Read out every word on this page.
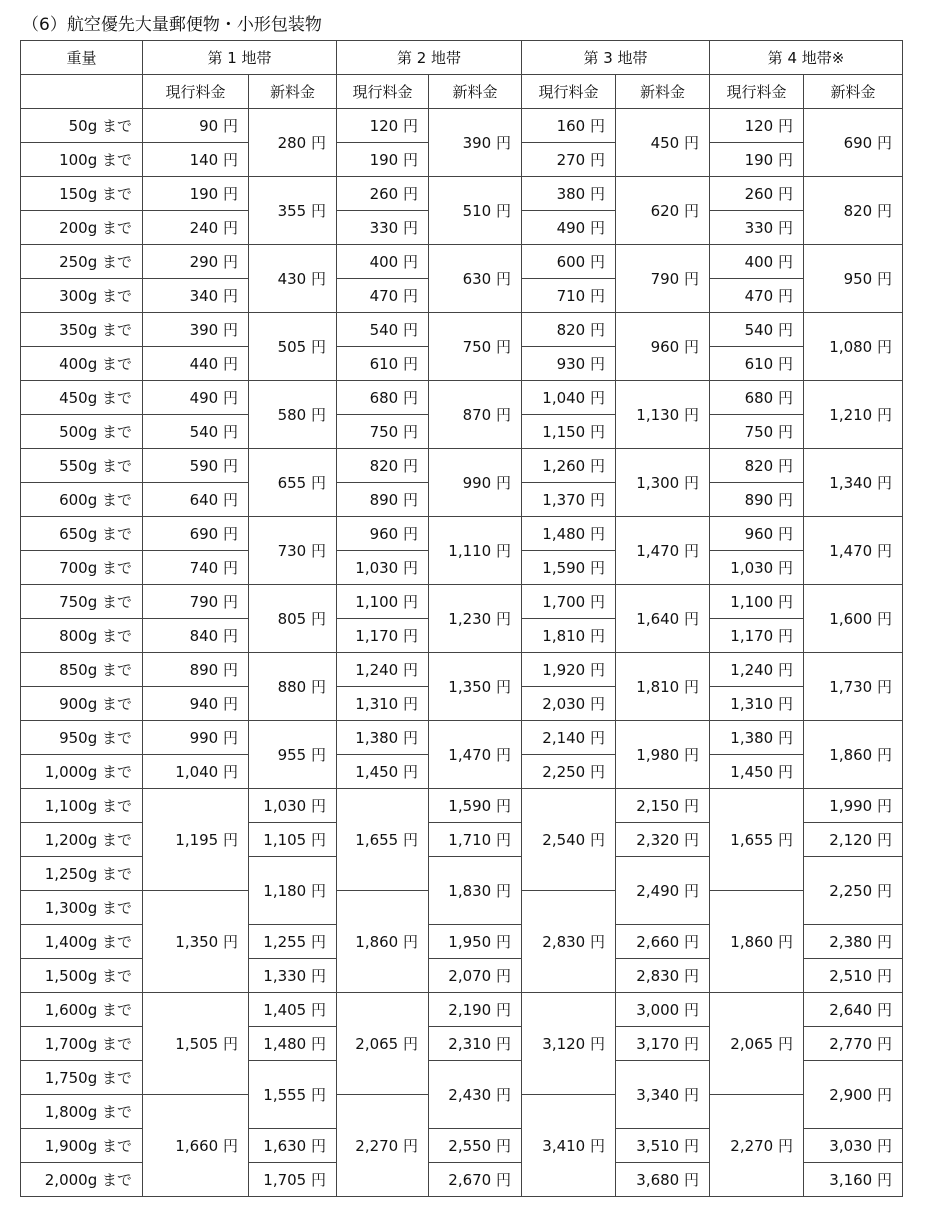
（6）航空優先大量郵便物・小形包装物
重量	第 1 地帯		第 2 地帯		第 3 地帯		第 4 地帯※	
	現行料金	新料金	現行料金	新料金	現行料金	新料金	現行料金	新料金
50g まで	90 円	280 円	120 円	390 円	160 円	450 円	120 円	690 円
100g まで	140 円		190 円		270 円		190 円	
150g まで	190 円	355 円	260 円	510 円	380 円	620 円	260 円	820 円
200g まで	240 円		330 円		490 円		330 円	
250g まで	290 円	430 円	400 円	630 円	600 円	790 円	400 円	950 円
300g まで	340 円		470 円		710 円		470 円	
350g まで	390 円	505 円	540 円	750 円	820 円	960 円	540 円	1,080 円
400g まで	440 円		610 円		930 円		610 円	
450g まで	490 円	580 円	680 円	870 円	1,040 円	1,130 円	680 円	1,210 円
500g まで	540 円		750 円		1,150 円		750 円	
550g まで	590 円	655 円	820 円	990 円	1,260 円	1,300 円	820 円	1,340 円
600g まで	640 円		890 円		1,370 円		890 円	
650g まで	690 円	730 円	960 円	1,110 円	1,480 円	1,470 円	960 円	1,470 円
700g まで	740 円		1,030 円		1,590 円		1,030 円	
750g まで	790 円	805 円	1,100 円	1,230 円	1,700 円	1,640 円	1,100 円	1,600 円
800g まで	840 円		1,170 円		1,810 円		1,170 円	
850g まで	890 円	880 円	1,240 円	1,350 円	1,920 円	1,810 円	1,240 円	1,730 円
900g まで	940 円		1,310 円		2,030 円		1,310 円	
950g まで	990 円	955 円	1,380 円	1,470 円	2,140 円	1,980 円	1,380 円	1,860 円
1,000g まで	1,040 円		1,450 円		2,250 円		1,450 円	
1,100g まで	1,195 円	1,030 円	1,655 円	1,590 円	2,540 円	2,150 円	1,655 円	1,990 円
1,200g まで		1,105 円		1,710 円		2,320 円		2,120 円
1,250g まで		1,180 円		1,830 円		2,490 円		2,250 円
1,300g まで	1,350 円		1,860 円		2,830 円		1,860 円	
1,400g まで		1,255 円		1,950 円		2,660 円		2,380 円
1,500g まで		1,330 円		2,070 円		2,830 円		2,510 円
1,600g まで	1,505 円	1,405 円	2,065 円	2,190 円	3,120 円	3,000 円	2,065 円	2,640 円
1,700g まで		1,480 円		2,310 円		3,170 円		2,770 円
1,750g まで		1,555 円		2,430 円		3,340 円		2,900 円
1,800g まで	1,660 円		2,270 円		3,410 円		2,270 円	
1,900g まで		1,630 円		2,550 円		3,510 円		3,030 円
2,000g まで		1,705 円		2,670 円		3,680 円		3,160 円
